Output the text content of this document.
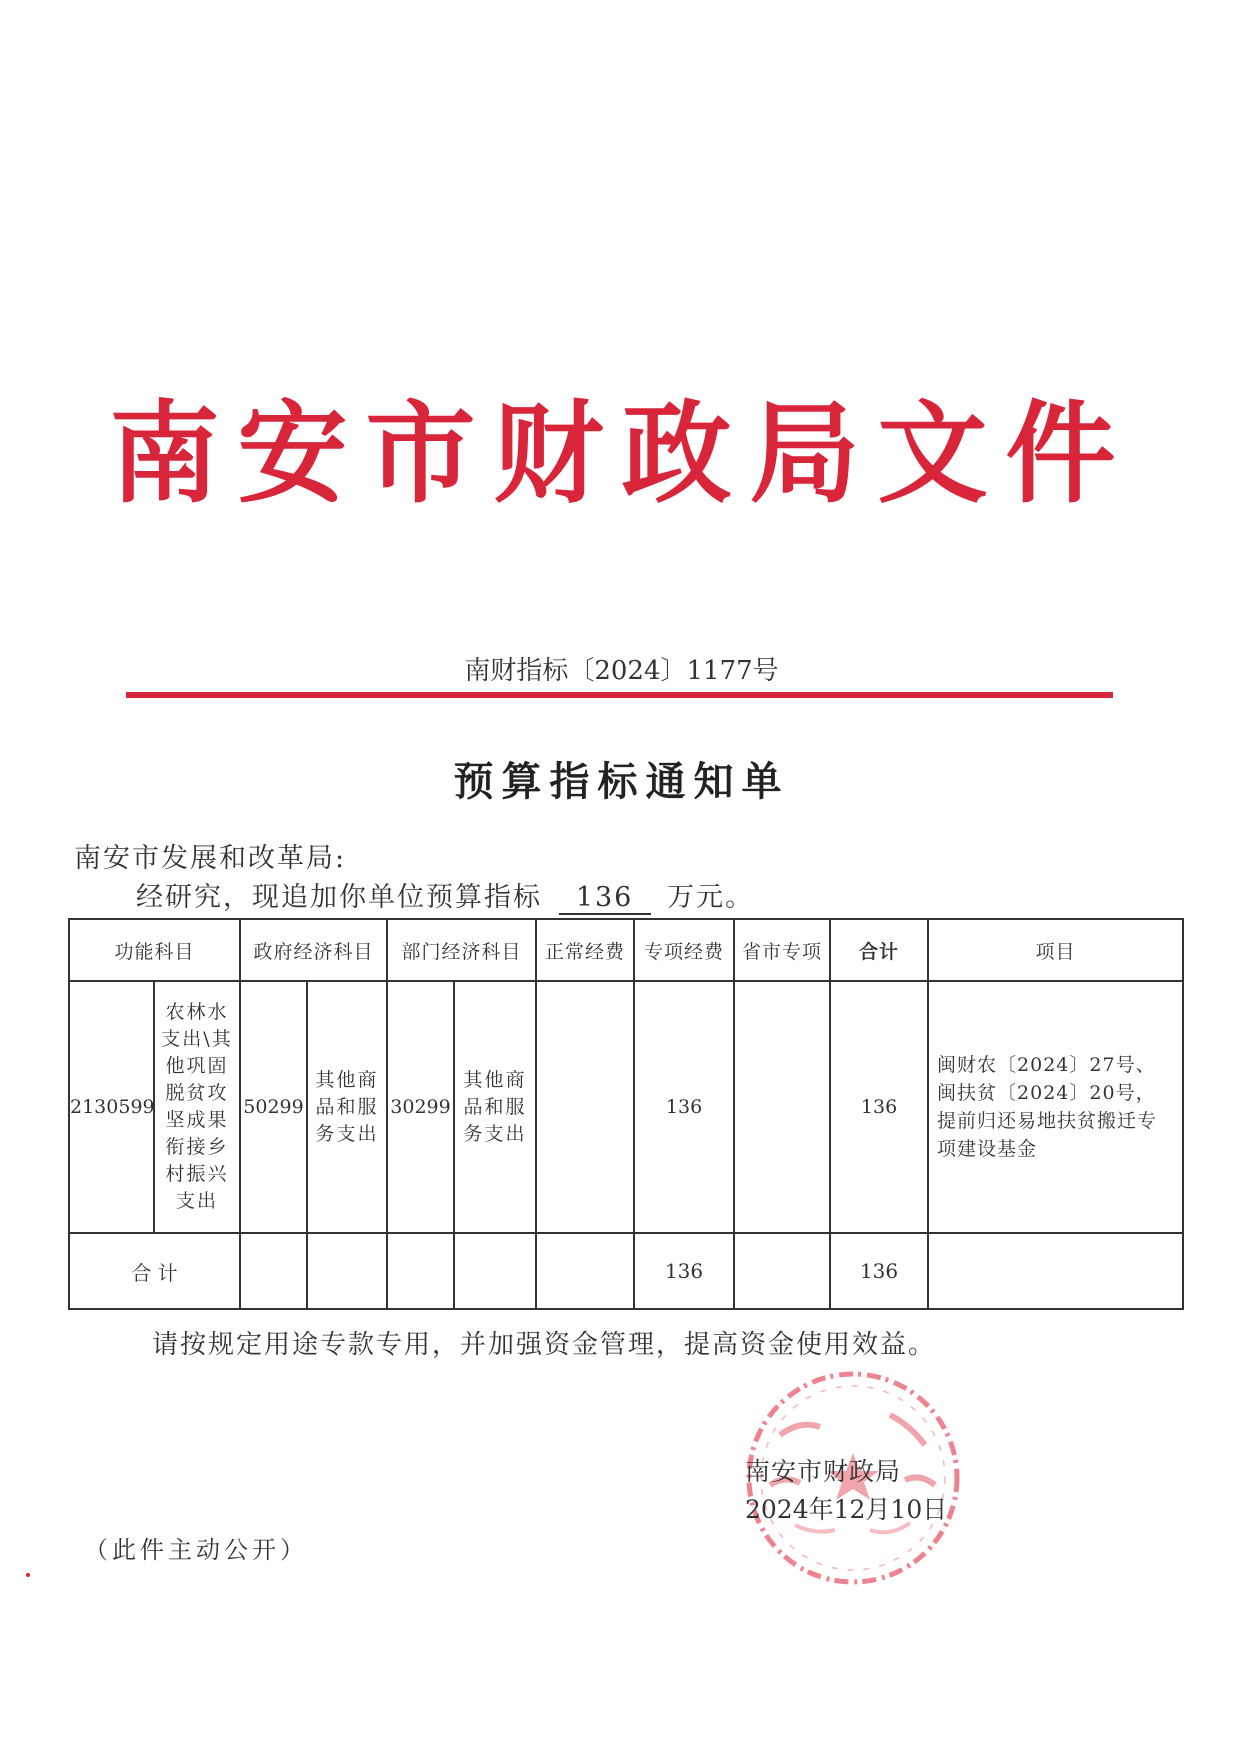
南安市财政局文件
南财指标〔2024〕1177号
预算指标通知单
南安市发展和改革局:
经研究，现追加你单位预算指标 136 万元。
功能科目		政府经济科目		部门经济科目		正常经费	专项经费	省市专项	合计	项目
2130599	农林水支出\其他巩固脱贫攻坚成果衔接乡村振兴支出	50299	其他商品和服务支出	30299	其他商品和服务支出		136		136	闽财农〔2024〕27号、闽扶贫〔2024〕20号，提前归还易地扶贫搬迁专项建设基金
合 计							136		136	
请按规定用途专款专用，并加强资金管理，提高资金使用效益。
南安市财政局
2024年12月10日
（此件主动公开）
